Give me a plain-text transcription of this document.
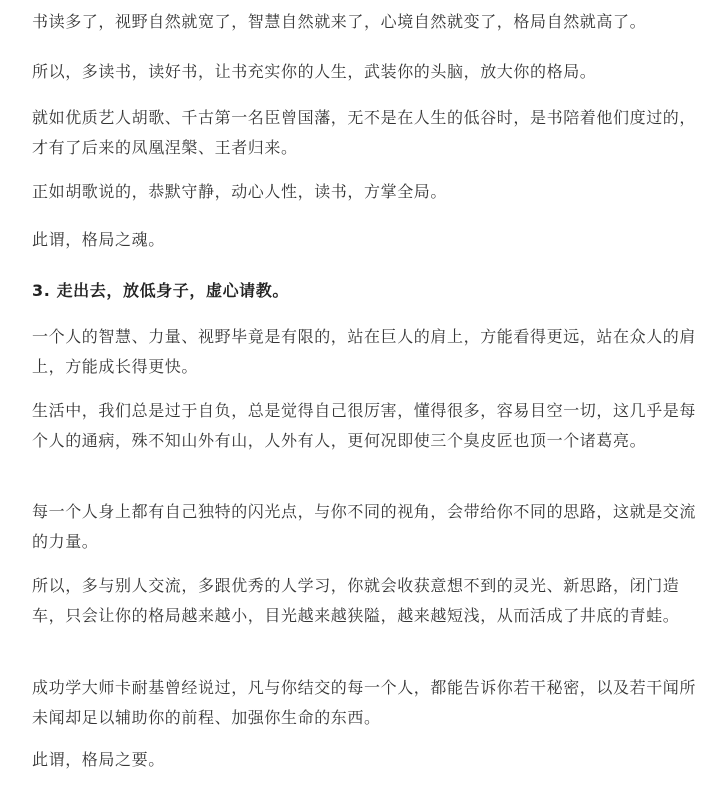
书读多了，视野自然就宽了，智慧自然就来了，心境自然就变了，格局自然就高了。

所以，多读书，读好书，让书充实你的人生，武装你的头脑，放大你的格局。

就如优质艺人胡歌、千古第一名臣曾国藩，无不是在人生的低谷时，是书陪着他们度过的，才有了后来的凤凰涅槃、王者归来。

正如胡歌说的，恭默守静，动心人性，读书，方掌全局。

此谓，格局之魂。

3. 走出去，放低身子，虚心请教。

一个人的智慧、力量、视野毕竟是有限的，站在巨人的肩上，方能看得更远，站在众人的肩上，方能成长得更快。

生活中，我们总是过于自负，总是觉得自己很厉害，懂得很多，容易目空一切，这几乎是每个人的通病，殊不知山外有山，人外有人，更何况即使三个臭皮匠也顶一个诸葛亮。

每一个人身上都有自己独特的闪光点，与你不同的视角，会带给你不同的思路，这就是交流的力量。

所以，多与别人交流，多跟优秀的人学习，你就会收获意想不到的灵光、新思路，闭门造车，只会让你的格局越来越小，目光越来越狭隘，越来越短浅，从而活成了井底的青蛙。

成功学大师卡耐基曾经说过，凡与你结交的每一个人，都能告诉你若干秘密，以及若干闻所未闻却足以辅助你的前程、加强你生命的东西。

此谓，格局之要。
